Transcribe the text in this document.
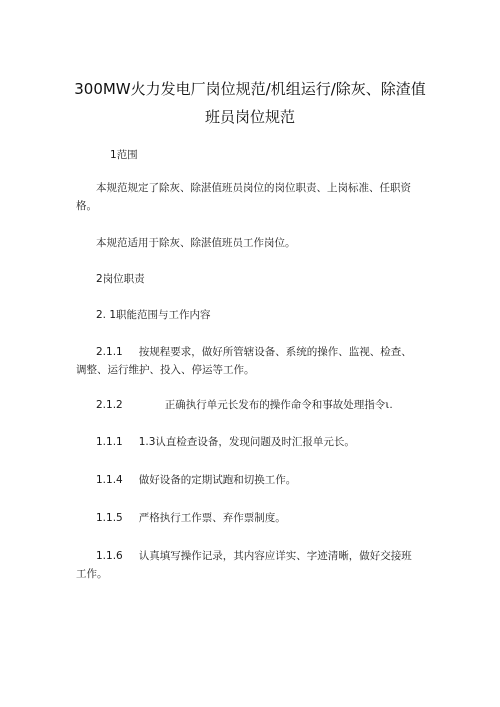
300MW火力发电厂岗位规范/机组运行/除灰、除渣值
班员岗位规范
1范围
本规范规定了除灰、除湛值班员岗位的岗位职责、上岗标准、任职资
格。
本规范适用于除灰、除湛值班员工作岗位。
2岗位职责
2. 1职能范围与工作内容
2.1.1 按规程要求，做好所管辖设备、系统的操作、监视、检查、
调整、运行维护、投入、停运等工作。
2.1.2	正确执行单元长发布的操作命令和事故处理指令ι.
1.1.1 1.3认直检查设备，发现问题及时汇报单元长。
1.1.4 做好设备的定期试跑和切换工作。
1.1.5 严格执行工作票、弃作票制度。
1.1.6 认真填写操作记录，其内容应详实、字迹清晰，做好交接班
工作。
